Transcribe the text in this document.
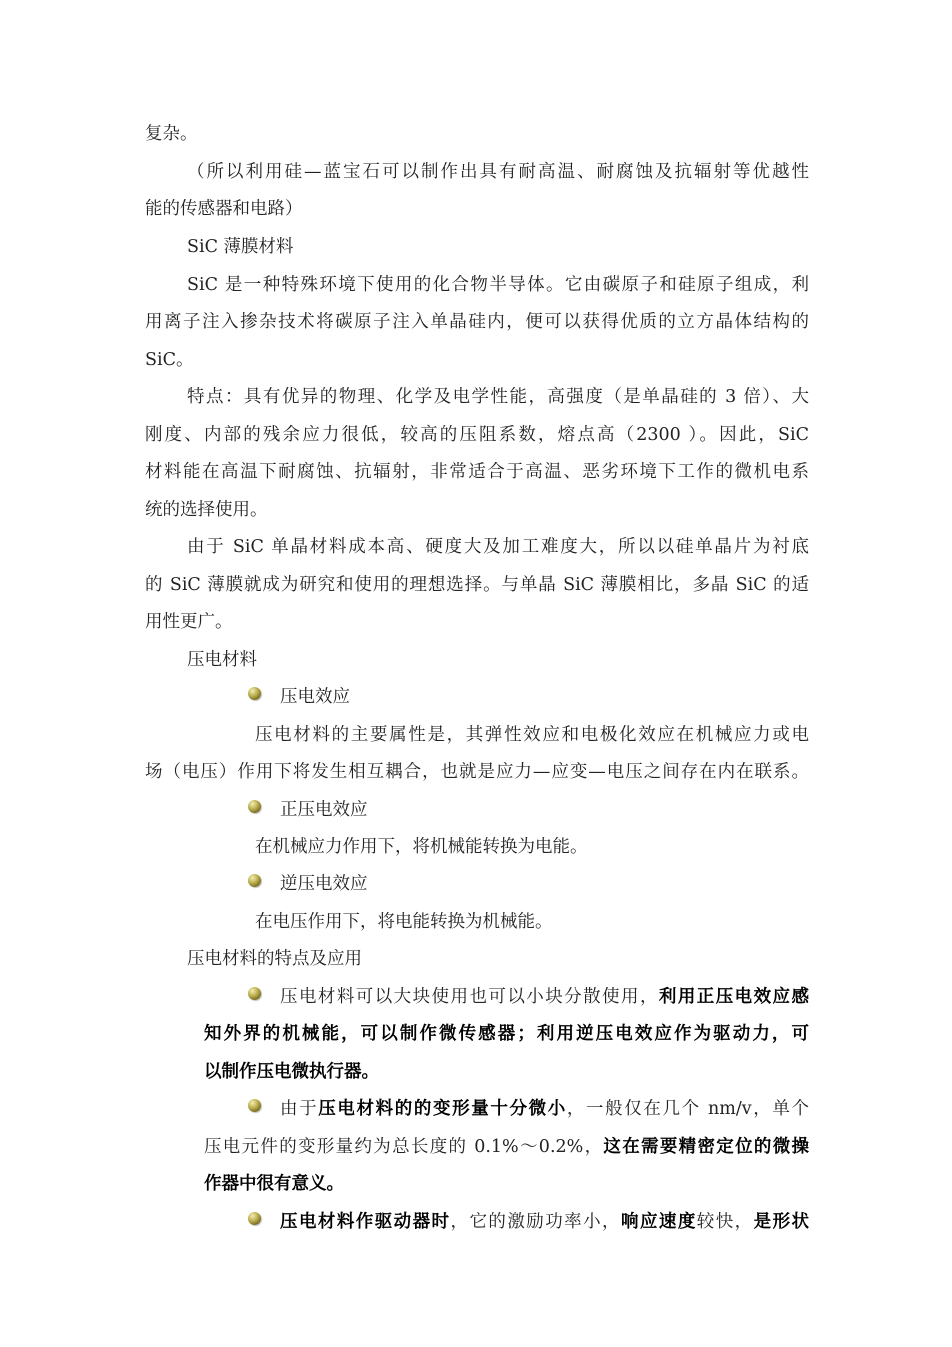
复杂。
（所以利用硅—蓝宝石可以制作出具有耐高温、耐腐蚀及抗辐射等优越性
能的传感器和电路）
SiC 薄膜材料
SiC 是一种特殊环境下使用的化合物半导体。它由碳原子和硅原子组成，利
用离子注入掺杂技术将碳原子注入单晶硅内，便可以获得优质的立方晶体结构的
SiC。
特点：具有优异的物理、化学及电学性能，高强度（是单晶硅的 3 倍）、大
刚度、内部的残余应力很低，较高的压阻系数，熔点高（2300 ）。因此，SiC
材料能在高温下耐腐蚀、抗辐射，非常适合于高温、恶劣环境下工作的微机电系
统的选择使用。
由于 SiC 单晶材料成本高、硬度大及加工难度大，所以以硅单晶片为衬底
的 SiC 薄膜就成为研究和使用的理想选择。与单晶 SiC 薄膜相比，多晶 SiC 的适
用性更广。
压电材料
压电效应
压电材料的主要属性是，其弹性效应和电极化效应在机械应力或电
场（电压）作用下将发生相互耦合，也就是应力—应变—电压之间存在内在联系。
正压电效应
在机械应力作用下，将机械能转换为电能。
逆压电效应
在电压作用下，将电能转换为机械能。
压电材料的特点及应用
压电材料可以大块使用也可以小块分散使用，利用正压电效应感
知外界的机械能，可以制作微传感器；利用逆压电效应作为驱动力，可
以制作压电微执行器。
由于压电材料的的变形量十分微小，一般仅在几个 nm/v，单个
压电元件的变形量约为总长度的 0.1%～0.2%，这在需要精密定位的微操
作器中很有意义。
压电材料作驱动器时，它的激励功率小，响应速度较快，是形状
